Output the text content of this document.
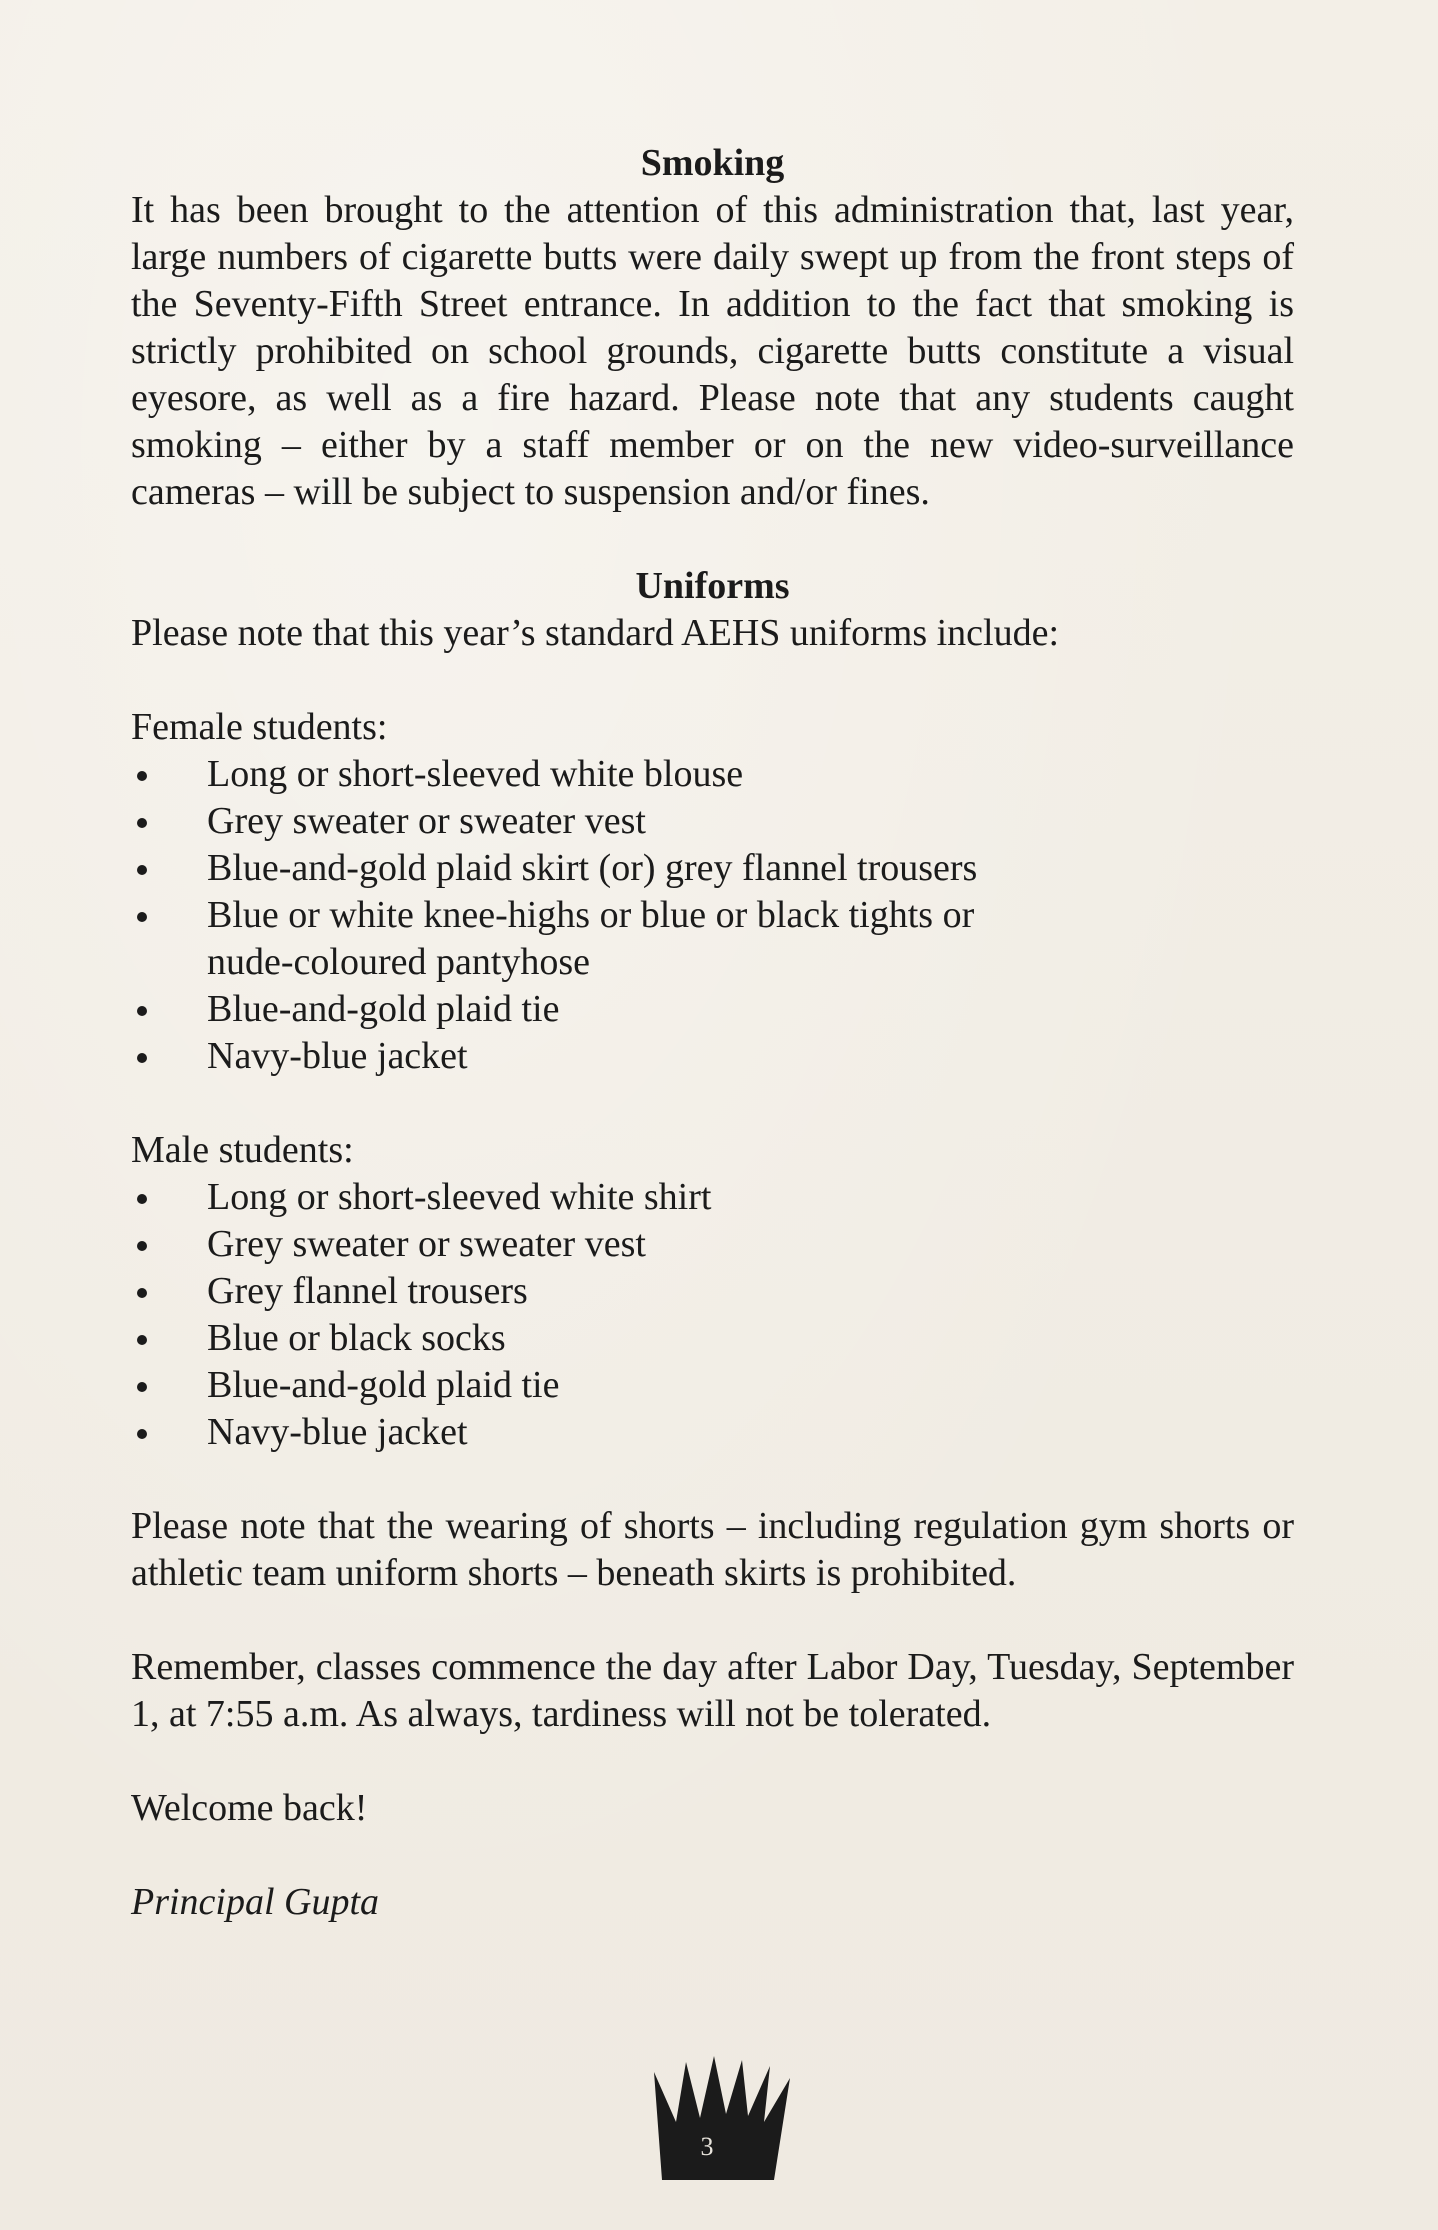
Smoking

It has been brought to the attention of this administration that, last year, large numbers of cigarette butts were daily swept up from the front steps of the Seventy-Fifth Street entrance. In addition to the fact that smoking is strictly prohibited on school grounds, cigarette butts constitute a visual eyesore, as well as a fire hazard. Please note that any students caught smoking – either by a staff member or on the new video-surveillance cameras – will be subject to suspension and/or fines.

Uniforms

Please note that this year’s standard AEHS uniforms include:

Female students:

Long or short-sleeved white blouse
Grey sweater or sweater vest
Blue-and-gold plaid skirt (or) grey flannel trousers
Blue or white knee-highs or blue or black tights or nude-coloured pantyhose
Blue-and-gold plaid tie
Navy-blue jacket

Male students:

Long or short-sleeved white shirt
Grey sweater or sweater vest
Grey flannel trousers
Blue or black socks
Blue-and-gold plaid tie
Navy-blue jacket

Please note that the wearing of shorts – including regulation gym shorts or athletic team uniform shorts – beneath skirts is prohibited.

Remember, classes commence the day after Labor Day, Tuesday, September 1, at 7:55 a.m. As always, tardiness will not be tolerated.

Welcome back!

Principal Gupta

3
